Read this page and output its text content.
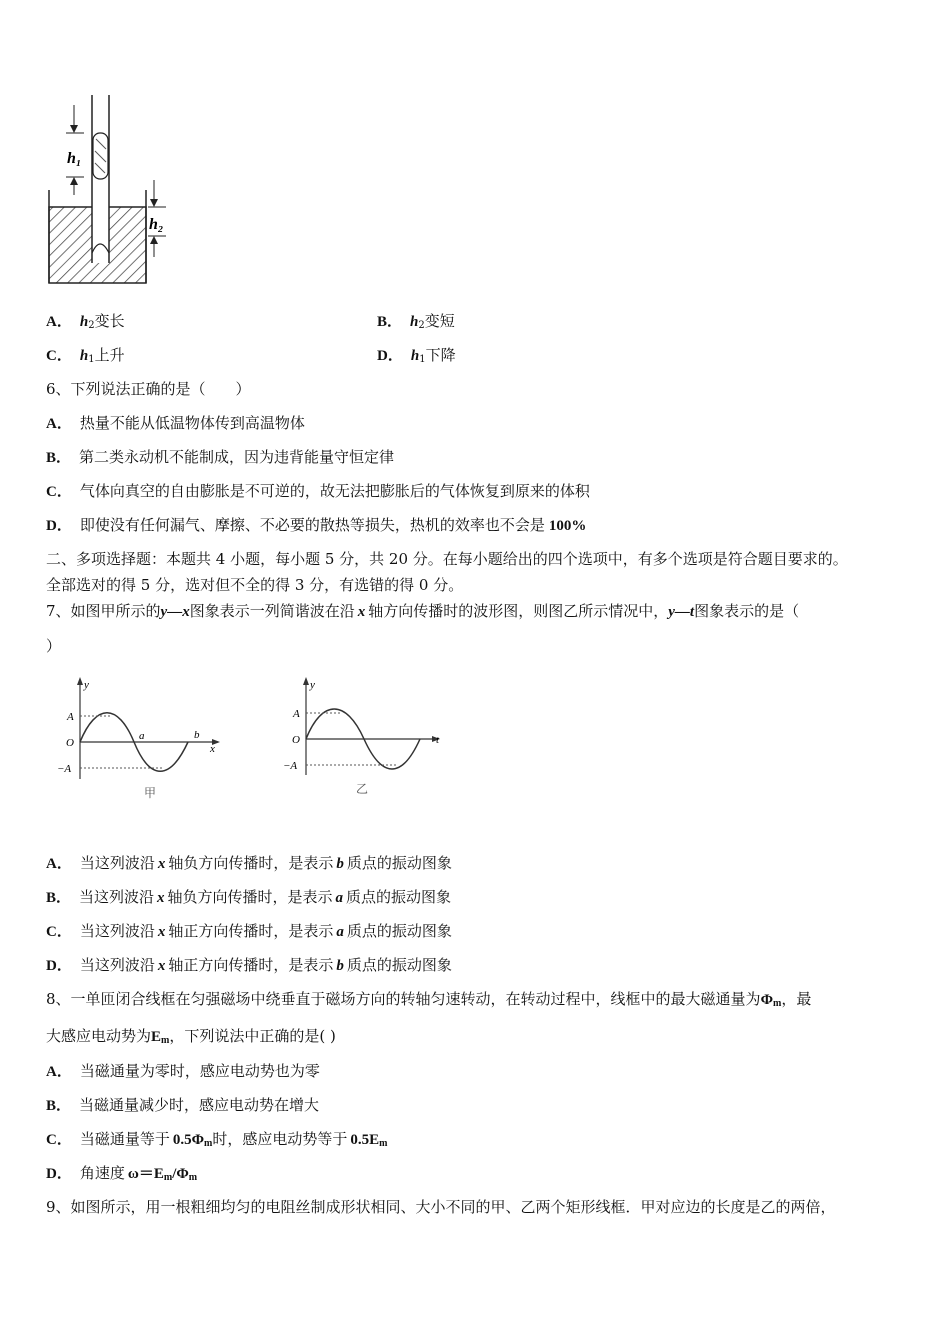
h₁
h₂
A． $h_2$变长	B． $h_2$变短
C． $h_1$上升	D． $h_1$下降
6、下列说法正确的是（　　）
A． 热量不能从低温物体传到高温物体
B． 第二类永动机不能制成，因为违背能量守恒定律
C． 气体向真空的自由膨胀是不可逆的，故无法把膨胀后的气体恢复到原来的体积
D． 即使没有任何漏气、摩擦、不必要的散热等损失，热机的效率也不会是 100%
二、多项选择题：本题共 4 小题，每小题 5 分，共 20 分。在每小题给出的四个选项中，有多个选项是符合题目要求的。
全部选对的得 5 分，选对但不全的得 3 分，有选错的得 0 分。
7、如图甲所示的y—x图象表示一列简谐波在沿 x 轴方向传播时的波形图，则图乙所示情况中，y—t图象表示的是（
）
y
A
O
−A
a	b
x
甲
y
A
O
−A
t
乙
A． 当这列波沿 x 轴负方向传播时，是表示 b 质点的振动图象
B． 当这列波沿 x 轴负方向传播时，是表示 a 质点的振动图象
C． 当这列波沿 x 轴正方向传播时，是表示 a 质点的振动图象
D． 当这列波沿 x 轴正方向传播时，是表示 b 质点的振动图象
8、一单匝闭合线框在匀强磁场中绕垂直于磁场方向的转轴匀速转动，在转动过程中，线框中的最大磁通量为$\Phi_m$，最
大感应电动势为$E_m$，下列说法中正确的是( )
A． 当磁通量为零时，感应电动势也为零
B． 当磁通量减少时，感应电动势在增大
C． 当磁通量等于 $0.5\Phi_m$时，感应电动势等于 $0.5E_m$
D． 角速度 $\omega=E_m/\Phi_m$
9、如图所示，用一根粗细均匀的电阻丝制成形状相同、大小不同的甲、乙两个矩形线框．甲对应边的长度是乙的两倍，
